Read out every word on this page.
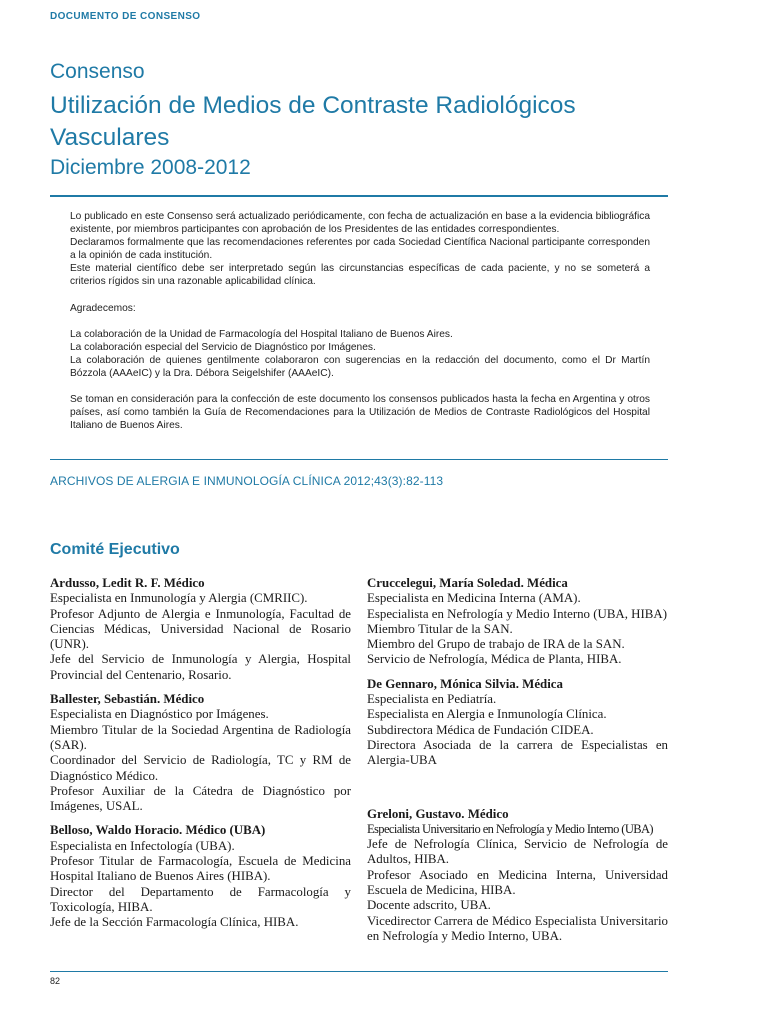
DOCUMENTO DE CONSENSO
Consenso
Utilización de Medios de Contraste Radiológicos Vasculares
Diciembre 2008-2012

Lo publicado en este Consenso será actualizado periódicamente, con fecha de actualización en base a la evidencia bibliográfica existente, por miembros participantes con aprobación de los Presidentes de las entidades correspondientes.

Declaramos formalmente que las recomendaciones referentes por cada Sociedad Científica Nacional participante corresponden a la opinión de cada institución.

Este material científico debe ser interpretado según las circunstancias específicas de cada paciente, y no se someterá a criterios rígidos sin una razonable aplicabilidad clínica.

Agradecemos:

La colaboración de la Unidad de Farmacología del Hospital Italiano de Buenos Aires.

La colaboración especial del Servicio de Diagnóstico por Imágenes.

La colaboración de quienes gentilmente colaboraron con sugerencias en la redacción del documento, como el Dr Martín Bózzola (AAAeIC) y la Dra. Débora Seigelshifer (AAAeIC).

Se toman en consideración para la confección de este documento los consensos publicados hasta la fecha en Argentina y otros países, así como también la Guía de Recomendaciones para la Utilización de Medios de Contraste Radiológicos del Hospital Italiano de Buenos Aires.

ARCHIVOS DE ALERGIA E INMUNOLOGÍA CLÍNICA 2012;43(3):82-113
Comité Ejecutivo
Ardusso, Ledit R. F. Médico
Especialista en Inmunología y Alergia (CMRIIC).
Profesor Adjunto de Alergia e Inmunología, Facultad de Ciencias Médicas, Universidad Nacional de Rosario (UNR).
Jefe del Servicio de Inmunología y Alergia, Hospital Provincial del Centenario, Rosario.
Ballester, Sebastián. Médico
Especialista en Diagnóstico por Imágenes.
Miembro Titular de la Sociedad Argentina de Radiología (SAR).
Coordinador del Servicio de Radiología, TC y RM de Diagnóstico Médico.
Profesor Auxiliar de la Cátedra de Diagnóstico por Imágenes, USAL.
Belloso, Waldo Horacio. Médico (UBA)
Especialista en Infectología (UBA).
Profesor Titular de Farmacología, Escuela de Medicina Hospital Italiano de Buenos Aires (HIBA).
Director del Departamento de Farmacología y Toxicología, HIBA.
Jefe de la Sección Farmacología Clínica, HIBA.
Cruccelegui, María Soledad. Médica
Especialista en Medicina Interna (AMA).
Especialista en Nefrología y Medio Interno (UBA, HIBA)
Miembro Titular de la SAN.
Miembro del Grupo de trabajo de IRA de la SAN.
Servicio de Nefrología, Médica de Planta, HIBA.
De Gennaro, Mónica Silvia. Médica
Especialista en Pediatría.
Especialista en Alergia e Inmunología Clínica.
Subdirectora Médica de Fundación CIDEA.
Directora Asociada de la carrera de Especialistas en Alergia-UBA
Greloni, Gustavo. Médico
Especialista Universitario en Nefrología y Medio Interno (UBA)
Jefe de Nefrología Clínica, Servicio de Nefrología de Adultos, HIBA.
Profesor Asociado en Medicina Interna, Universidad Escuela de Medicina, HIBA.
Docente adscrito, UBA.
Vicedirector Carrera de Médico Especialista Universitario en Nefrología y Medio Interno, UBA.
82
